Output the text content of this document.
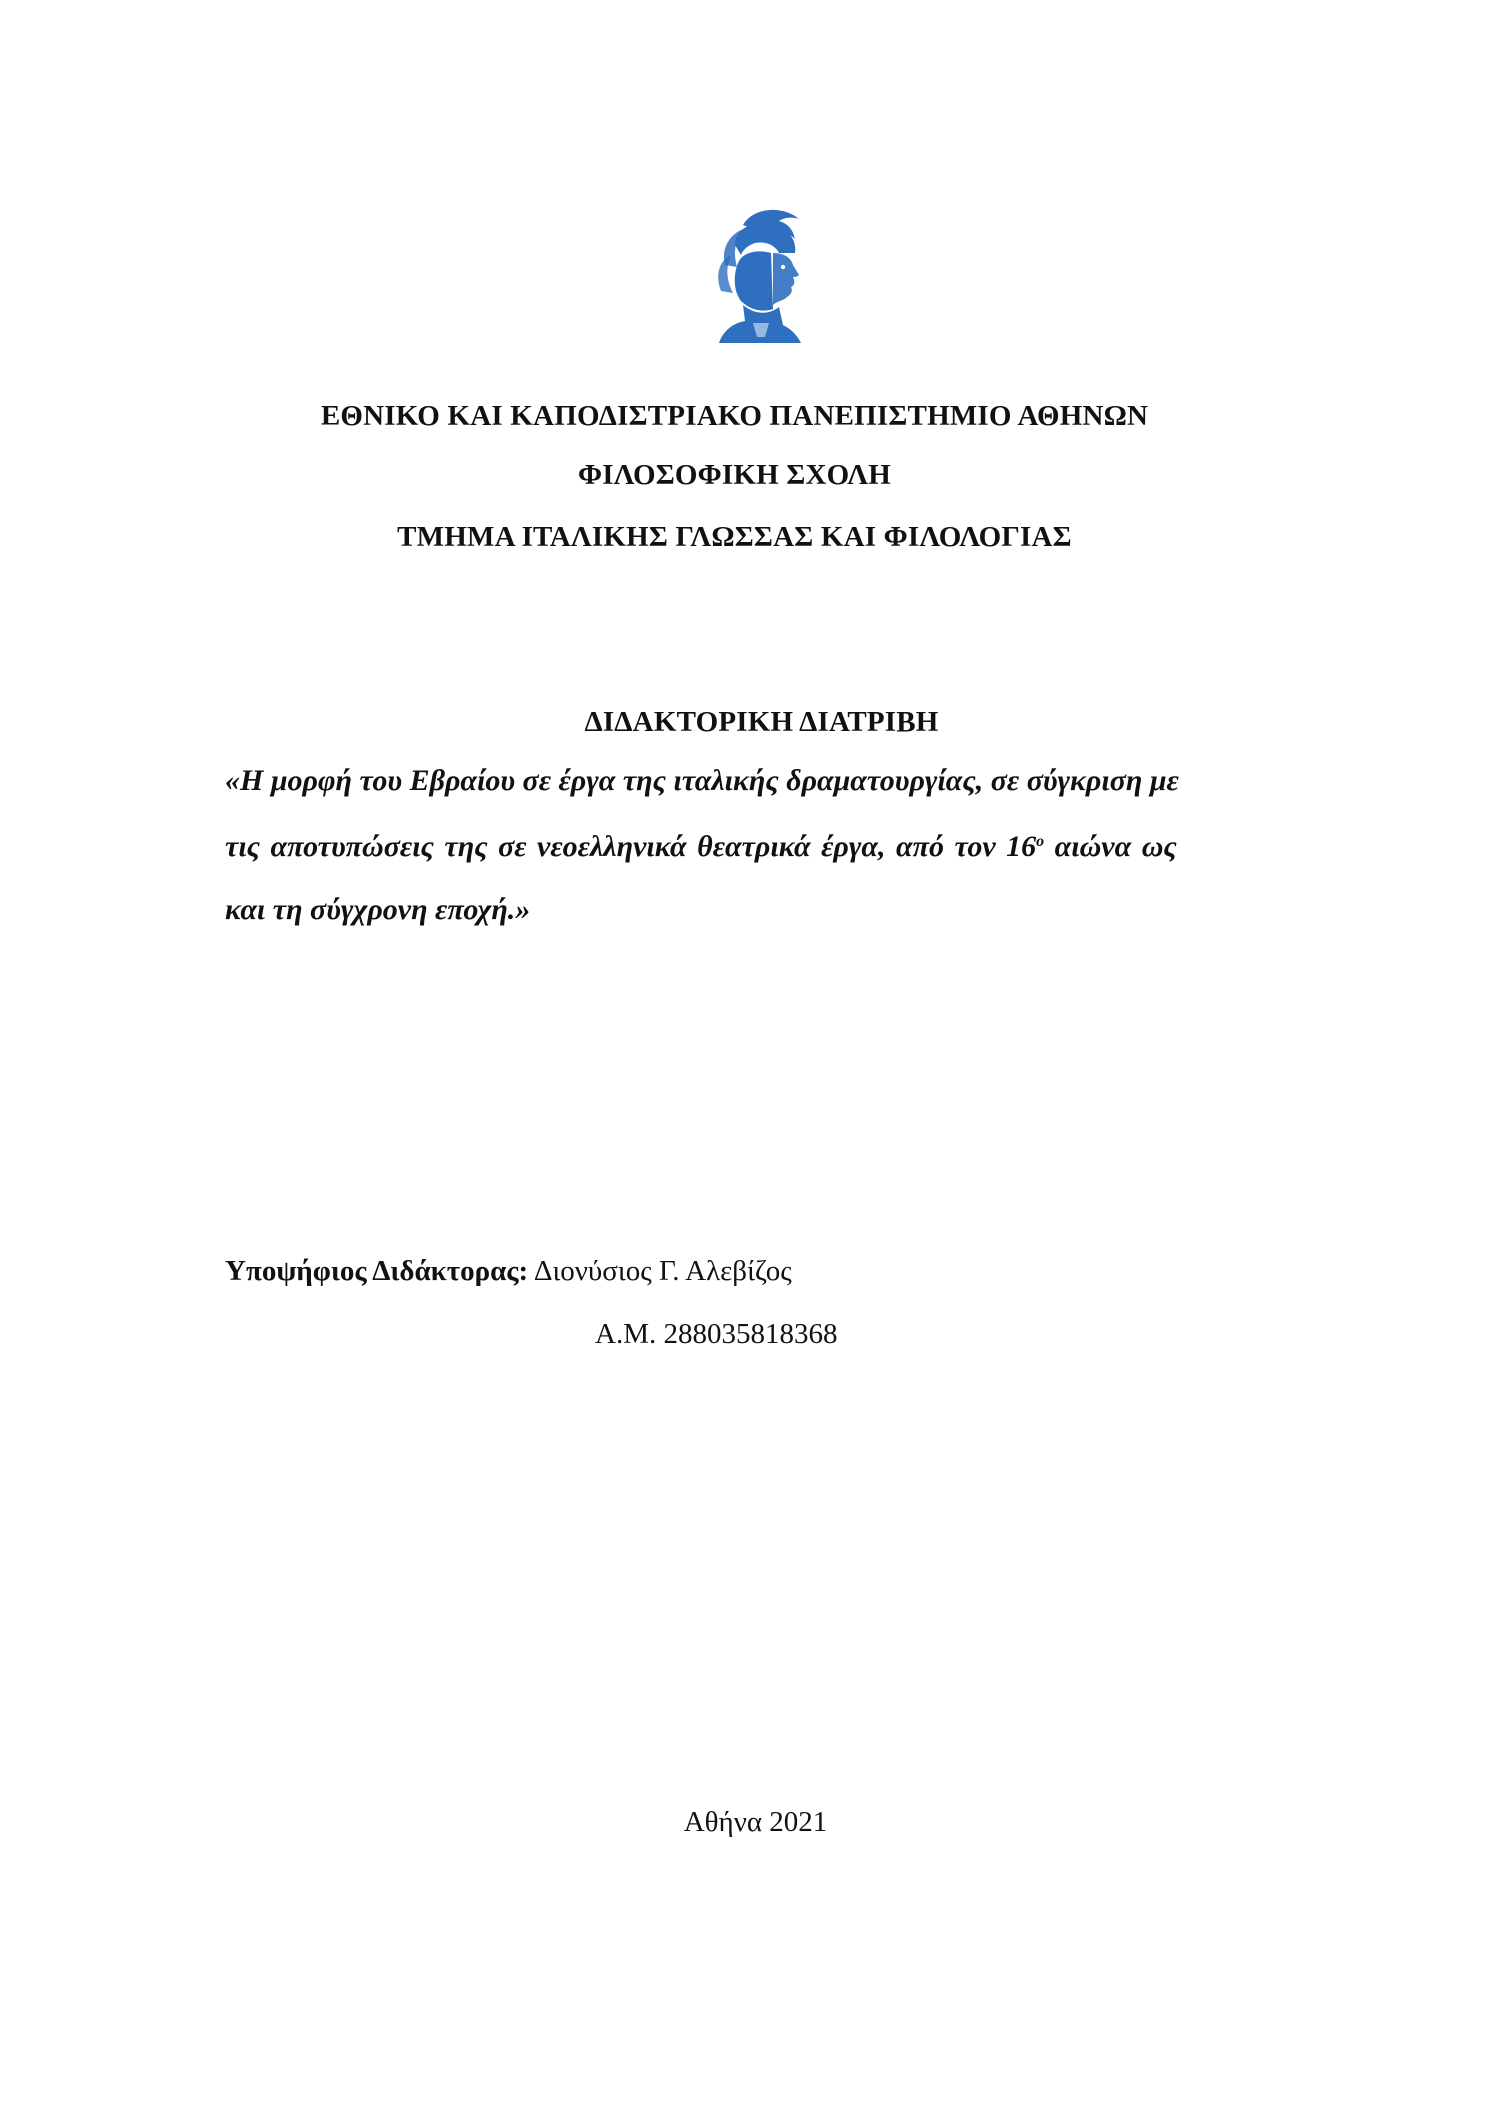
ΕΘΝΙΚΟ ΚΑΙ ΚΑΠΟΔΙΣΤΡΙΑΚΟ ΠΑΝΕΠΙΣΤΗΜΙΟ ΑΘΗΝΩΝ
ΦΙΛΟΣΟΦΙΚΗ ΣΧΟΛΗ
ΤΜΗΜΑ ΙΤΑΛΙΚΗΣ ΓΛΩΣΣΑΣ ΚΑΙ ΦΙΛΟΛΟΓΙΑΣ
ΔΙΔΑΚΤΟΡΙΚΗ ΔΙΑΤΡΙΒΗ
«Η μορφή του Εβραίου σε έργα της ιταλικής δραματουργίας, σε σύγκριση με
τις αποτυπώσεις της σε νεοελληνικά θεατρικά έργα, από τον $16^o$ αιώνα ως
και τη σύγχρονη εποχή.»
Υποψήφιος Διδάκτορας: Διονύσιος Γ. Αλεβίζος
Α.Μ. 288035818368
Αθήνα 2021
